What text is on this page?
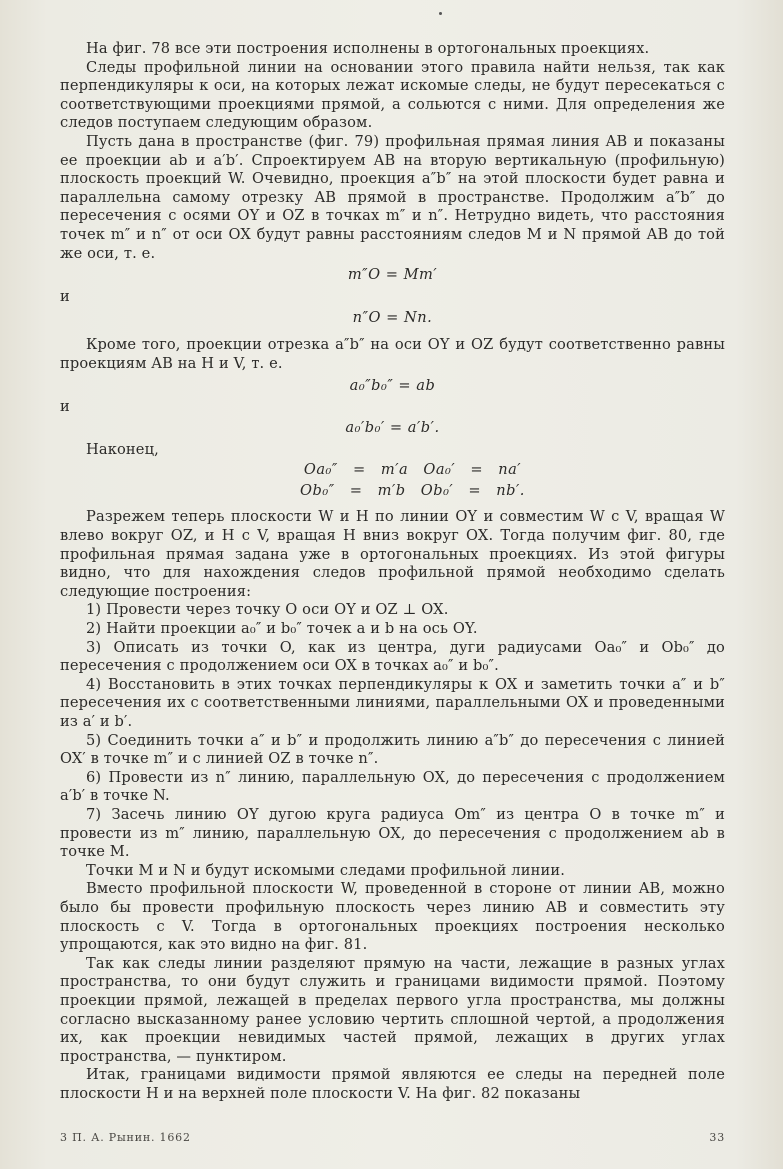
На фиг. 78 все эти построения исполнены в ортогональных проекциях.

Следы профильной линии на основании этого правила найти нельзя, так как перпендикуляры к оси, на которых лежат искомые следы, не будут пересекаться с соответствующими проекциями прямой, а сольются с ними. Для определения же следов поступаем следующим образом.

Пусть дана в пространстве (фиг. 79) профильная прямая линия AB и показаны ее проекции ab и a′b′. Спроектируем AB на вторую вертикальную (профильную) плоскость проекций W. Очевидно, проекция a″b″ на этой плоскости будет равна и параллельна самому отрезку AB прямой в пространстве. Продолжим a″b″ до пересечения с осями OY и OZ в точках m″ и n″. Нетрудно видеть, что расстояния точек m″ и n″ от оси OX будут равны расстояниям следов M и N прямой AB до той же оси, т. е.

m″O = Mm′
и
n″O = Nn.

Кроме того, проекции отрезка a″b″ на оси OY и OZ будут соответственно равны проекциям AB на H и V, т. е.

a₀″b₀″ = ab
и
a₀′b₀′ = a′b′.

Наконец,

Oa₀″ = m′a Oa₀′ = na′
Ob₀″ = m′b Ob₀′ = nb′.

Разрежем теперь плоскости W и H по линии OY и совместим W с V, вращая W влево вокруг OZ, и H с V, вращая H вниз вокруг OX. Тогда получим фиг. 80, где профильная прямая задана уже в ортогональных проекциях. Из этой фигуры видно, что для нахождения следов профильной прямой необходимо сделать следующие построения:

1) Провести через точку O оси OY и OZ ⊥ OX.

2) Найти проекции a₀″ и b₀″ точек a и b на ось OY.

3) Описать из точки O, как из центра, дуги радиусами Oa₀″ и Ob₀″ до пересечения с продолжением оси OX в точках a₀″ и b₀″.

4) Восстановить в этих точках перпендикуляры к OX и заметить точки a″ и b″ пересечения их с соответственными линиями, параллельными OX и проведенными из a′ и b′.

5) Соединить точки a″ и b″ и продолжить линию a″b″ до пересечения с линией OX′ в точке m″ и с линией OZ в точке n″.

6) Провести из n″ линию, параллельную OX, до пересечения с продолжением a′b′ в точке N.

7) Засечь линию OY дугою круга радиуса Om″ из центра O в точке m″ и провести из m″ линию, параллельную OX, до пересечения с продолжением ab в точке M.

Точки M и N и будут искомыми следами профильной линии.

Вместо профильной плоскости W, проведенной в стороне от линии AB, можно было бы провести профильную плоскость через линию AB и совместить эту плоскость с V. Тогда в ортогональных проекциях построения несколько упрощаются, как это видно на фиг. 81.

Так как следы линии разделяют прямую на части, лежащие в разных углах пространства, то они будут служить и границами видимости прямой. Поэтому проекции прямой, лежащей в пределах первого угла пространства, мы должны согласно высказанному ранее условию чертить сплошной чертой, а продолжения их, как проекции невидимых частей прямой, лежащих в других углах пространства, — пунктиром.

Итак, границами видимости прямой являются ее следы на передней поле плоскости H и на верхней поле плоскости V. На фиг. 82 показаны

3 П. А. Рынин. 1662	33
